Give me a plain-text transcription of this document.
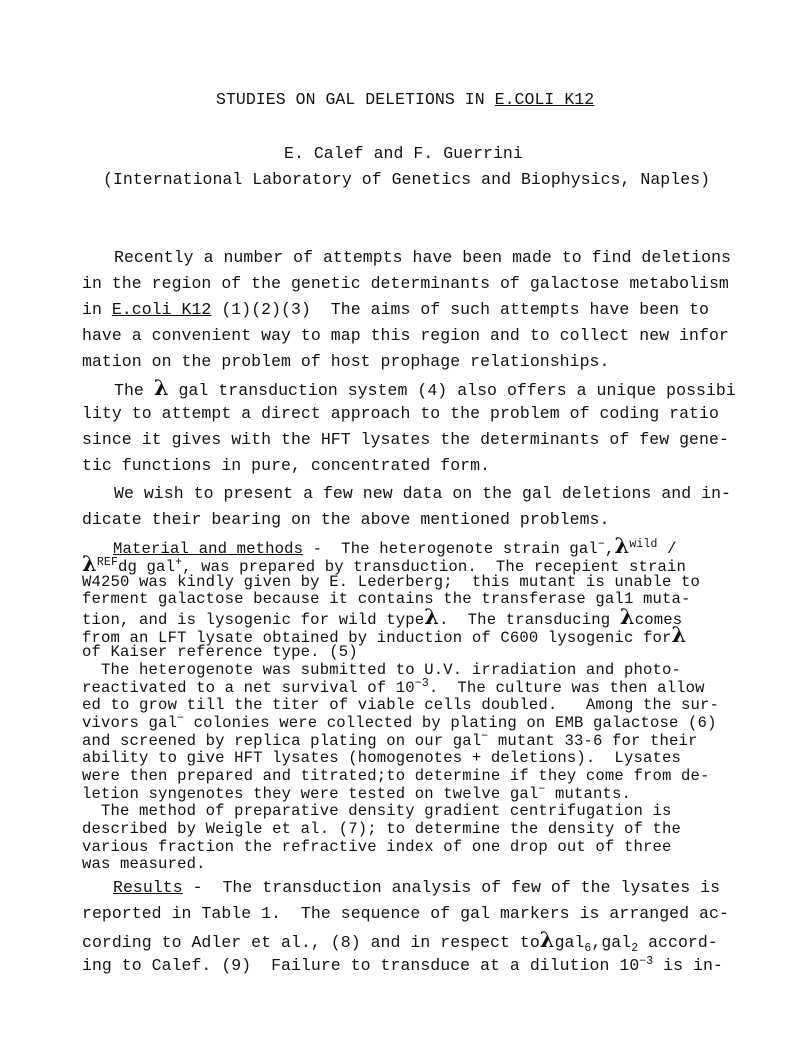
STUDIES ON GAL DELETIONS IN E.COLI K12
E. Calef and F. Guerrini
(International Laboratory of Genetics and Biophysics, Naples)
Recently a number of attempts have been made to find deletions
in the region of the genetic determinants of galactose metabolism
in E.coli K12 (1)(2)(3)  The aims of such attempts have been to
have a convenient way to map this region and to collect new infor
mation on the problem of host prophage relationships.
The λ gal transduction system (4) also offers a unique possibi
lity to attempt a direct approach to the problem of coding ratio
since it gives with the HFT lysates the determinants of few gene-
tic functions in pure, concentrated form.
We wish to present a few new data on the gal deletions and in-
dicate their bearing on the above mentioned problems.
Material and methods -  The heterogenote strain $gal^-,\lambda^{wild}$ /
$\lambda^{REF}dg$ gal+, was prepared by transduction.  The recepient strain
W4250 was kindly given by E. Lederberg;  this mutant is unable to
ferment galactose because it contains the transferase gal1 muta-
tion, and is lysogenic for wild typeλ.  The transducing λcomes
from an LFT lysate obtained by induction of C600 lysogenic forλ
of Kaiser reference type. (5)
The heterogenote was submitted to U.V. irradiation and photo-
reactivated to a net survival of $10^{-3}$.  The culture was then allow
ed to grow till the titer of viable cells doubled.   Among the sur-
vivors gal− colonies were collected by plating on EMB galactose (6)
and screened by replica plating on our gal− mutant 33-6 for their
ability to give HFT lysates (homogenotes + deletions).  Lysates
were then prepared and titrated;to determine if they come from de-
letion syngenotes they were tested on twelve gal− mutants.
The method of preparative density gradient centrifugation is
described by Weigle et al. (7); to determine the density of the
various fraction the refractive index of one drop out of three
was measured.
Results -  The transduction analysis of few of the lysates is
reported in Table 1.  The sequence of gal markers is arranged ac-
cording to Adler et al., (8) and in respect toλgal$_6$,gal$_2$ accord-
ing to Calef. (9)  Failure to transduce at a dilution $10^{-3}$ is in-
